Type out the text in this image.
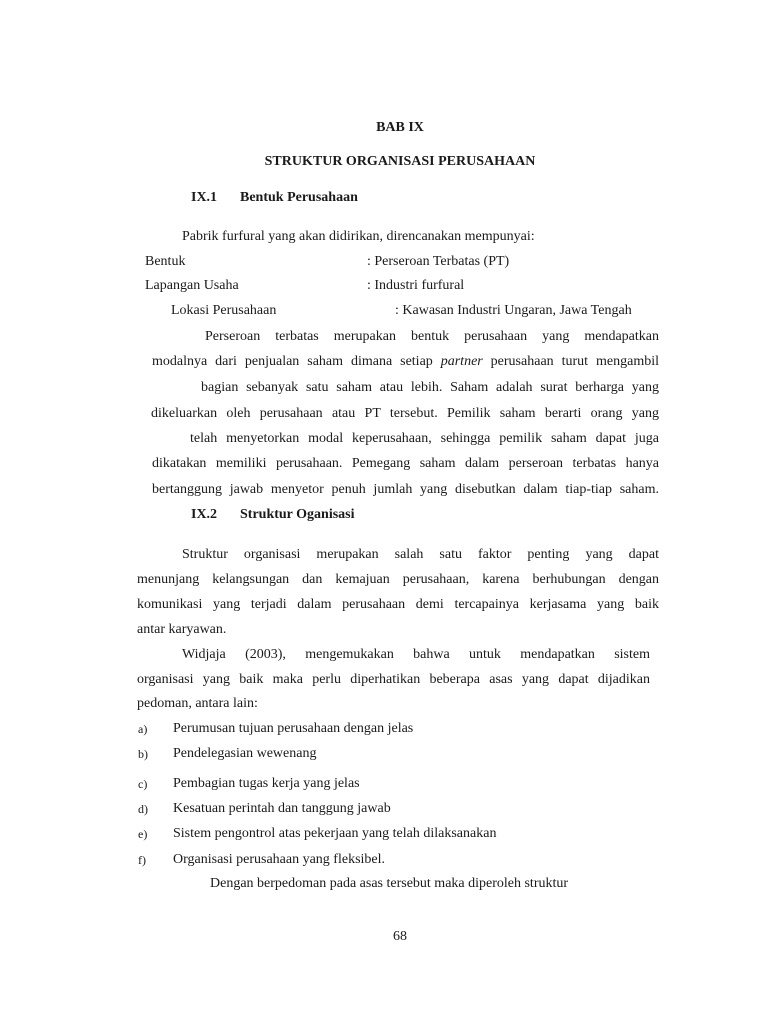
BAB IX
STRUKTUR ORGANISASI PERUSAHAAN
IX.1 Bentuk Perusahaan
Pabrik furfural yang akan didirikan, direncanakan mempunyai:
Bentuk	: Perseroan Terbatas (PT)
Lapangan Usaha	: Industri furfural
Lokasi Perusahaan	: Kawasan Industri Ungaran, Jawa Tengah
Perseroan terbatas merupakan bentuk perusahaan yang mendapatkan
modalnya dari penjualan saham dimana setiap partner perusahaan turut mengambil
bagian sebanyak satu saham atau lebih. Saham adalah surat berharga yang
dikeluarkan oleh perusahaan atau PT tersebut. Pemilik saham berarti orang yang
telah menyetorkan modal keperusahaan, sehingga pemilik saham dapat juga
dikatakan memiliki perusahaan. Pemegang saham dalam perseroan terbatas hanya
bertanggung jawab menyetor penuh jumlah yang disebutkan dalam tiap-tiap saham.
IX.2 Struktur Oganisasi
Struktur organisasi merupakan salah satu faktor penting yang dapat
menunjang kelangsungan dan kemajuan perusahaan, karena berhubungan dengan
komunikasi yang terjadi dalam perusahaan demi tercapainya kerjasama yang baik
antar karyawan.
Widjaja (2003), mengemukakan bahwa untuk mendapatkan sistem
organisasi yang baik maka perlu diperhatikan beberapa asas yang dapat dijadikan
pedoman, antara lain:
a) Perumusan tujuan perusahaan dengan jelas
b) Pendelegasian wewenang
c) Pembagian tugas kerja yang jelas
d) Kesatuan perintah dan tanggung jawab
e) Sistem pengontrol atas pekerjaan yang telah dilaksanakan
f) Organisasi perusahaan yang fleksibel.
Dengan berpedoman pada asas tersebut maka diperoleh struktur
68
